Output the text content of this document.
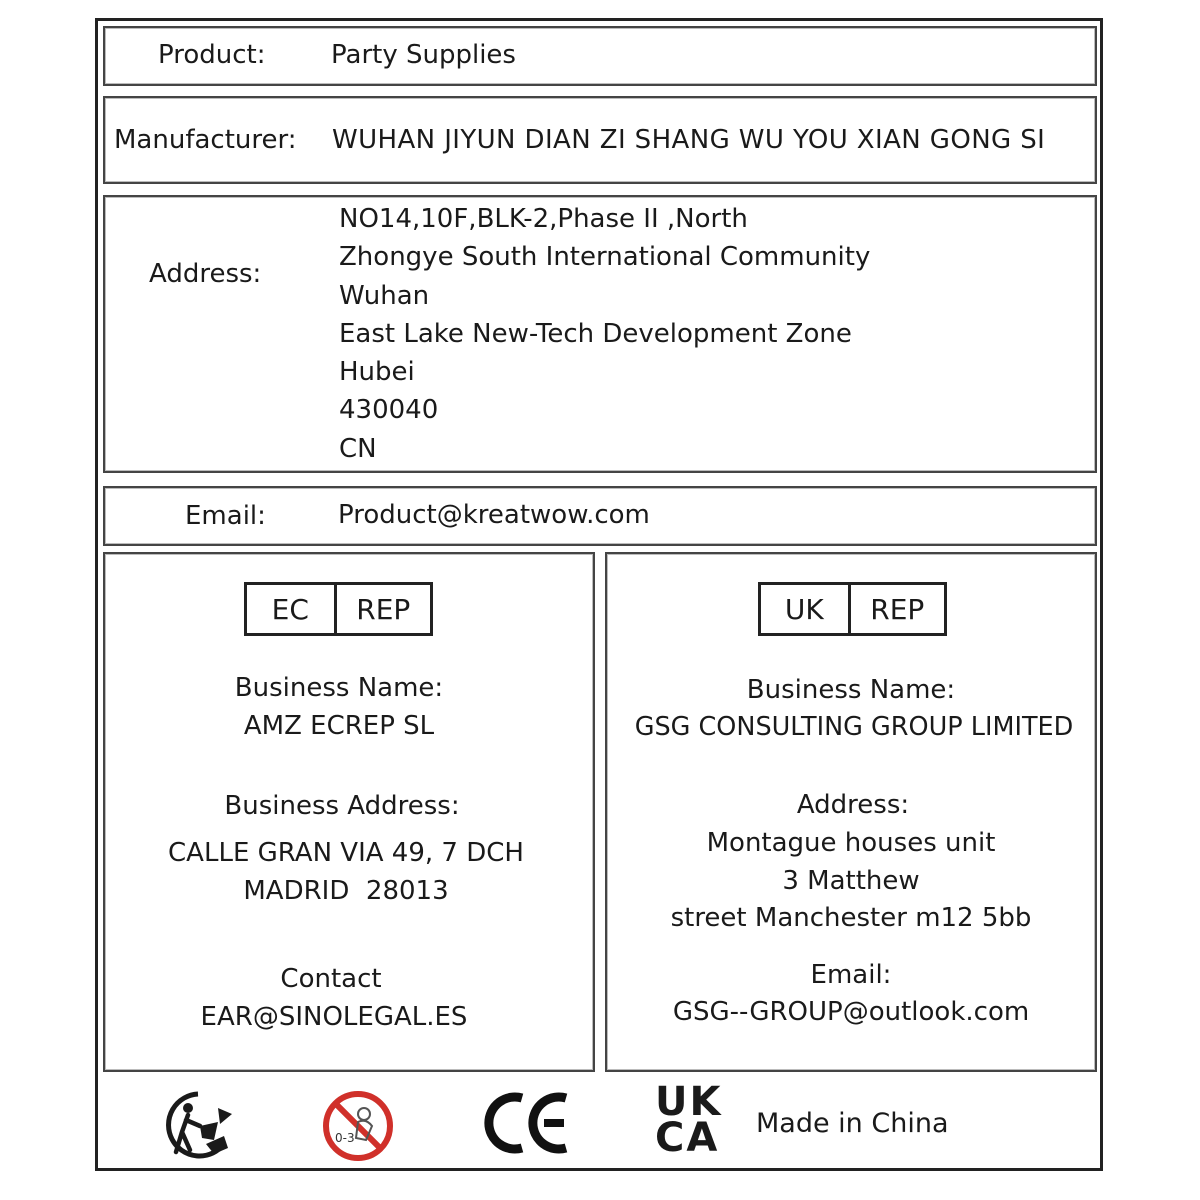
Product:	Party Supplies
Manufacturer: WUHAN JIYUN DIAN ZI SHANG WU YOU XIAN GONG SI
Address:
NO14,10F,BLK-2,Phase II ,North
Zhongye South International Community
Wuhan
East Lake New-Tech Development Zone
Hubei
430040
CN
Email:	Product@kreatwow.com
EC	REP
Business Name:
AMZ ECREP SL
Business Address:
CALLE GRAN VIA 49, 7 DCH
MADRID  28013
Contact
EAR@SINOLEGAL.ES
UK	REP
Business Name:
GSG CONSULTING GROUP LIMITED
Address:
Montague houses unit
3 Matthew
street Manchester m12 5bb
Email:
GSG--GROUP@outlook.com
0-3
UK
CA Made in China
